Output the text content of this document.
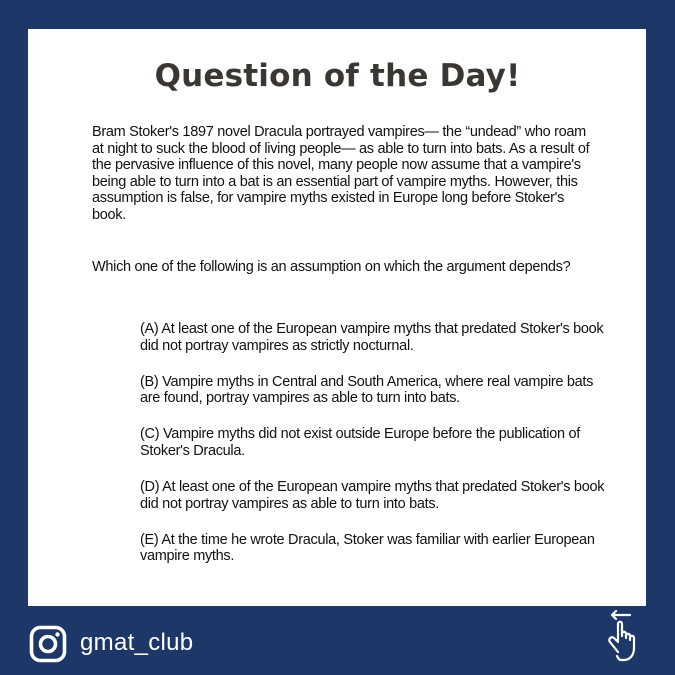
Question of the Day!
Bram Stoker's 1897 novel Dracula portrayed vampires— the “undead” who roam at night to suck the blood of living people— as able to turn into bats. As a result of the pervasive influence of this novel, many people now assume that a vampire's being able to turn into a bat is an essential part of vampire myths. However, this assumption is false, for vampire myths existed in Europe long before Stoker's book.
Which one of the following is an assumption on which the argument depends?
(A) At least one of the European vampire myths that predated Stoker's book did not portray vampires as strictly nocturnal.
(B) Vampire myths in Central and South America, where real vampire bats are found, portray vampires as able to turn into bats.
(C) Vampire myths did not exist outside Europe before the publication of Stoker's Dracula.
(D) At least one of the European vampire myths that predated Stoker's book did not portray vampires as able to turn into bats.
(E) At the time he wrote Dracula, Stoker was familiar with earlier European vampire myths.
gmat_club
